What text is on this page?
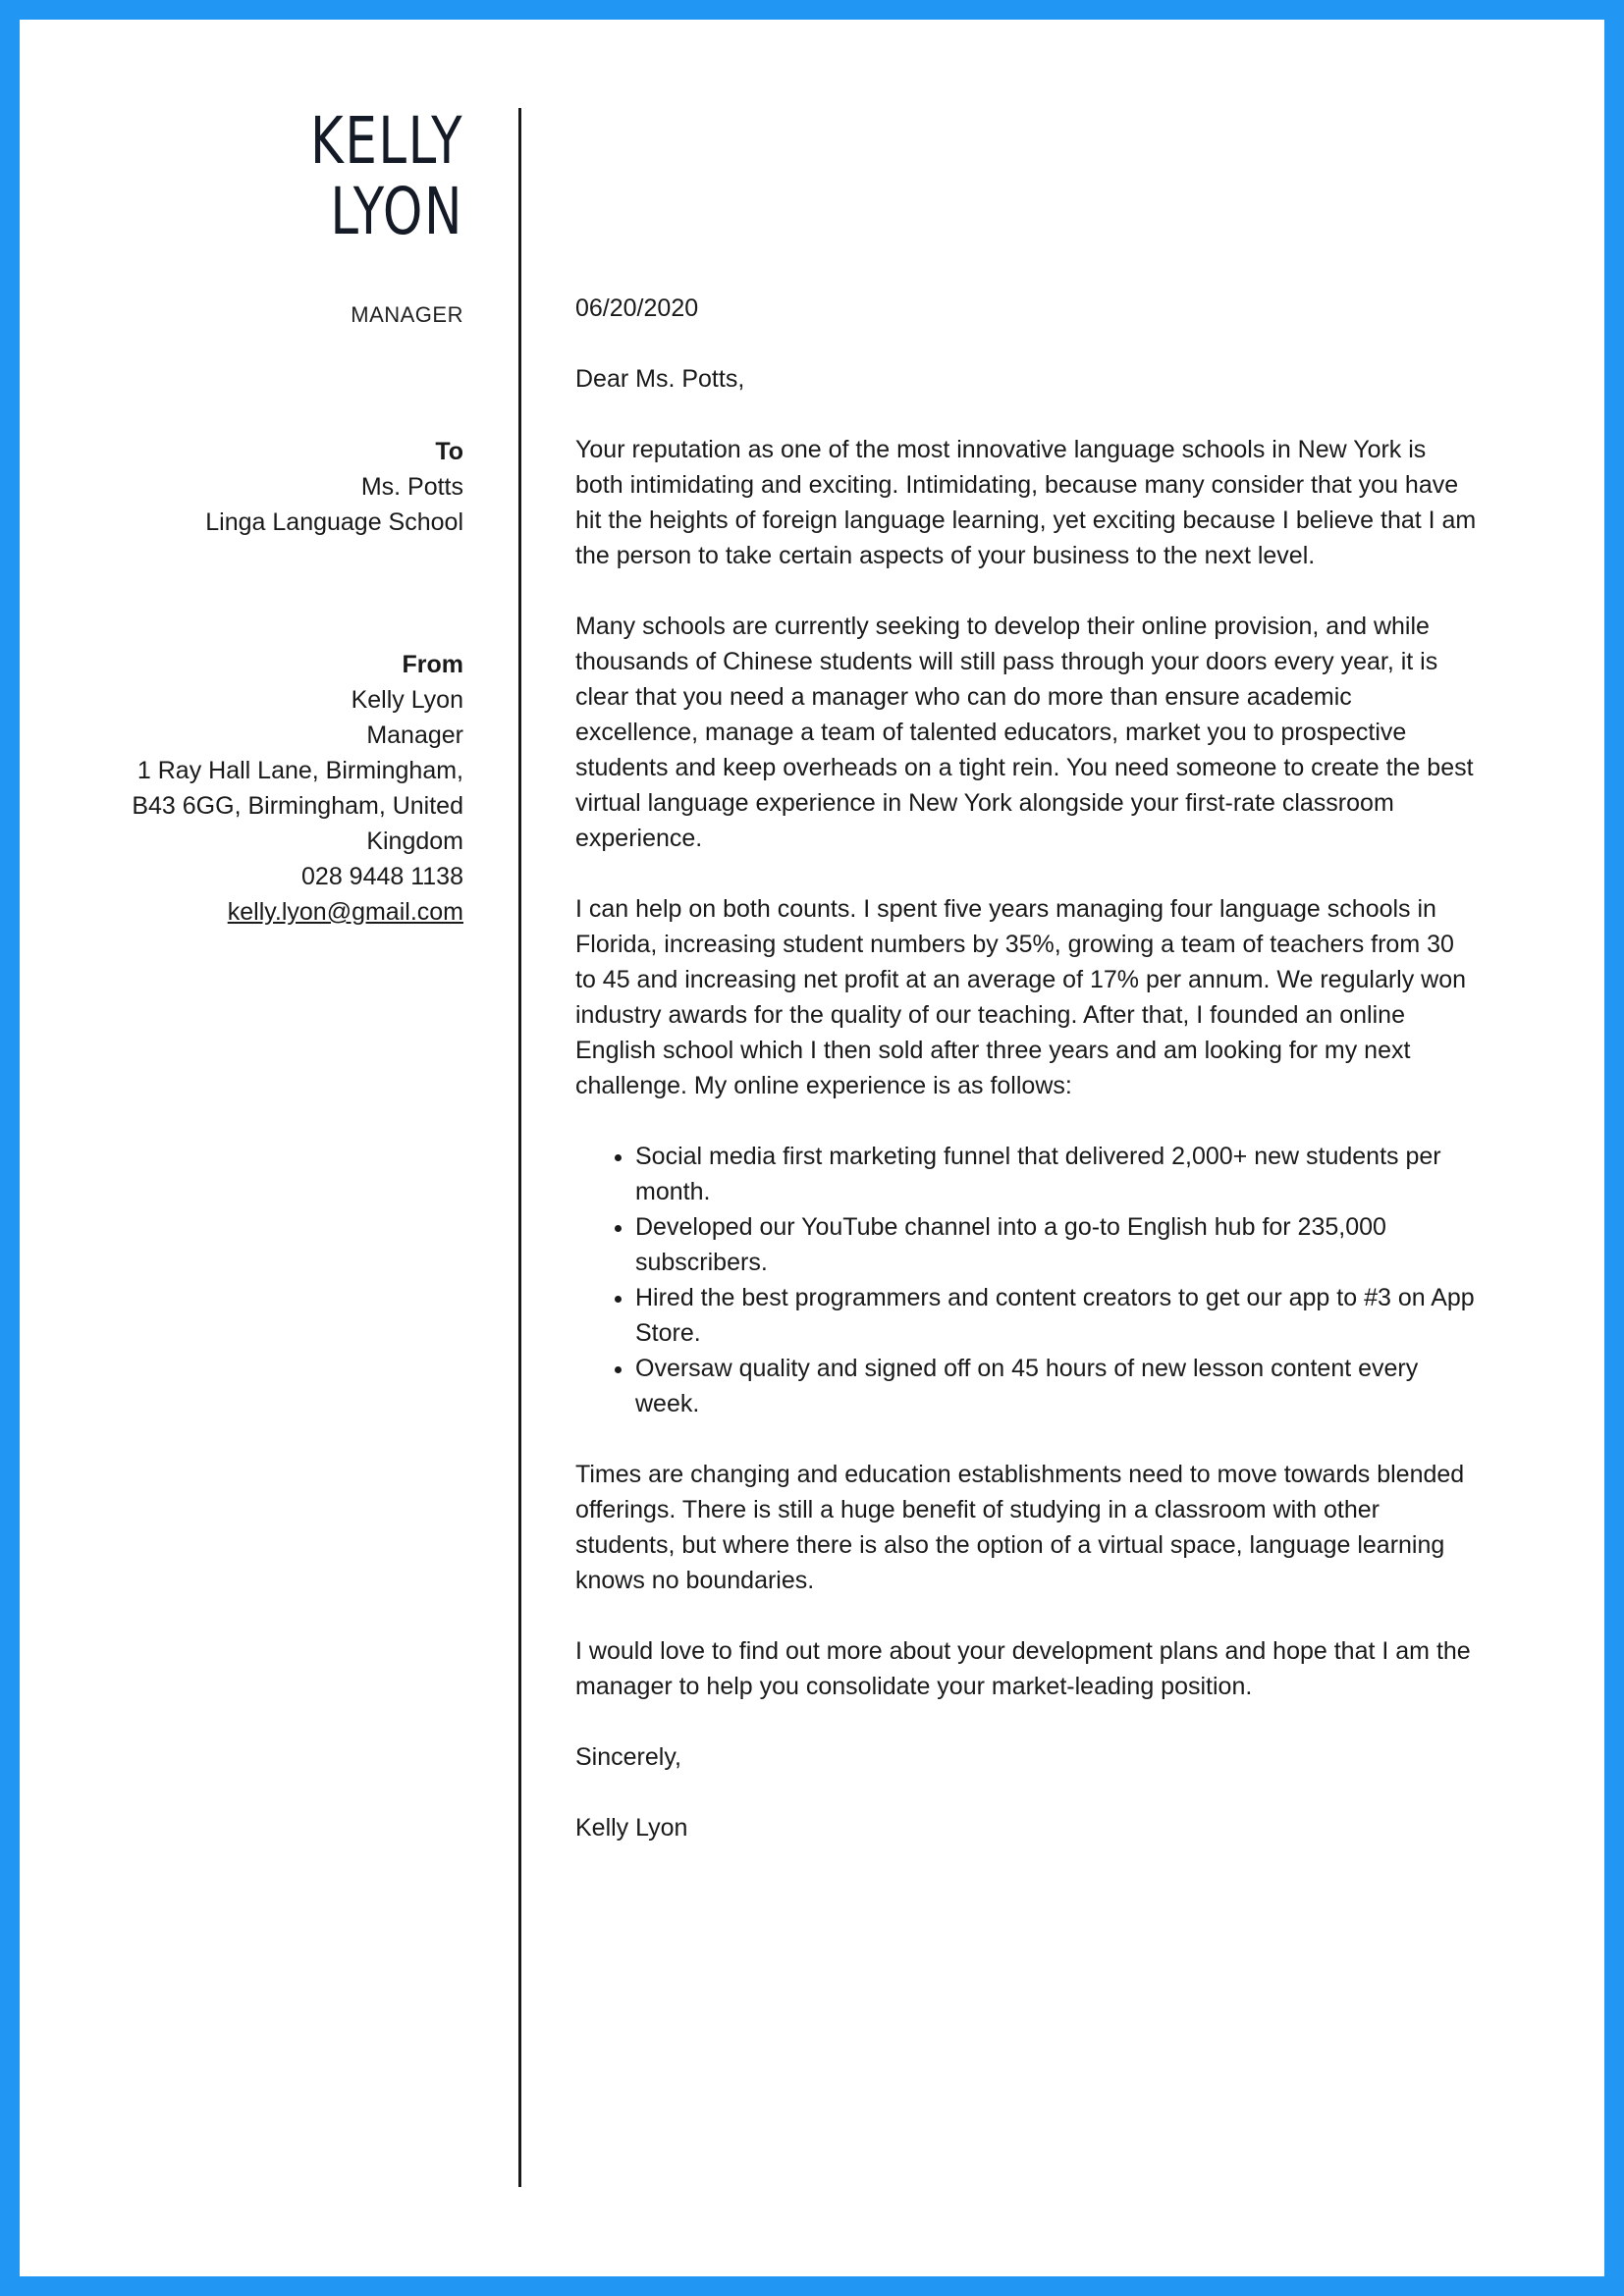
KELLY
LYON
MANAGER
To
Ms. Potts
Linga Language School
From
Kelly Lyon
Manager
1 Ray Hall Lane, Birmingham, B43 6GG, Birmingham, United Kingdom
028 9448 1138
kelly.lyon@gmail.com

06/20/2020

Dear Ms. Potts,

Your reputation as one of the most innovative language schools in New York is both intimidating and exciting. Intimidating, because many consider that you have hit the heights of foreign language learning, yet exciting because I believe that I am the person to take certain aspects of your business to the next level.

Many schools are currently seeking to develop their online provision, and while thousands of Chinese students will still pass through your doors every year, it is clear that you need a manager who can do more than ensure academic excellence, manage a team of talented educators, market you to prospective students and keep overheads on a tight rein. You need someone to create the best virtual language experience in New York alongside your first-rate classroom experience.

I can help on both counts. I spent five years managing four language schools in Florida, increasing student numbers by 35%, growing a team of teachers from 30 to 45 and increasing net profit at an average of 17% per annum. We regularly won industry awards for the quality of our teaching. After that, I founded an online English school which I then sold after three years and am looking for my next challenge. My online experience is as follows:

• Social media first marketing funnel that delivered 2,000+ new students per month.
• Developed our YouTube channel into a go-to English hub for 235,000 subscribers.
• Hired the best programmers and content creators to get our app to #3 on App Store.
• Oversaw quality and signed off on 45 hours of new lesson content every week.

Times are changing and education establishments need to move towards blended offerings. There is still a huge benefit of studying in a classroom with other students, but where there is also the option of a virtual space, language learning knows no boundaries.

I would love to find out more about your development plans and hope that I am the manager to help you consolidate your market-leading position.

Sincerely,

Kelly Lyon
